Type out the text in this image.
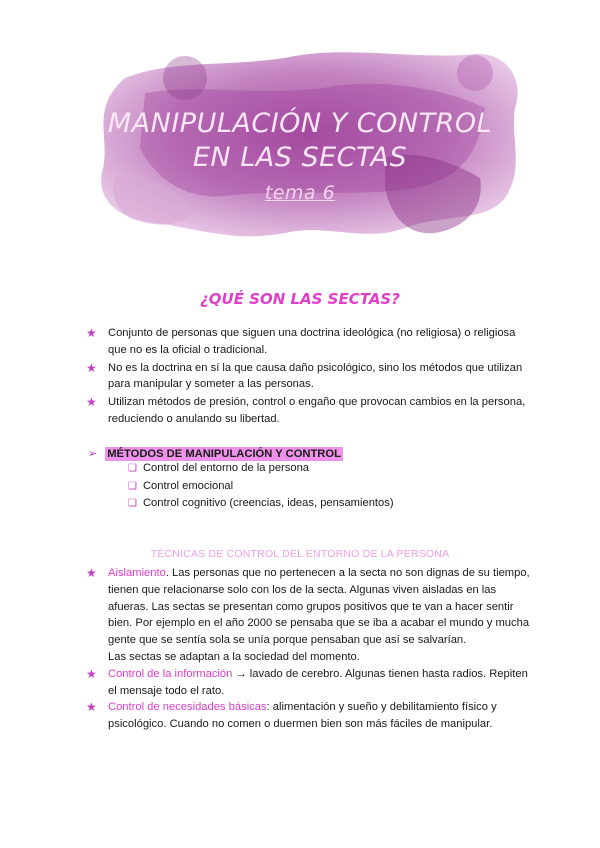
MANIPULACIÓN Y CONTROL
EN LAS SECTAS
tema 6
¿QUÉ SON LAS SECTAS?
★ Conjunto de personas que siguen una doctrina ideológica (no religiosa) o religiosa que no es la oficial o tradicional.
★ No es la doctrina en sí la que causa daño psicológico, sino los métodos que utilizan para manipular y someter a las personas.
★ Utilizan métodos de presión, control o engaño que provocan cambios en la persona, reduciendo o anulando su libertad.
➢ MÉTODOS DE MANIPULACIÓN Y CONTROL
❑ Control del entorno de la persona
❑ Control emocional
❑ Control cognitivo (creencias, ideas, pensamientos)
TÉCNICAS DE CONTROL DEL ENTORNO DE LA PERSONA
★ Aislamiento. Las personas que no pertenecen a la secta no son dignas de su tiempo, tienen que relacionarse solo con los de la secta. Algunas viven aisladas en las afueras. Las sectas se presentan como grupos positivos que te van a hacer sentir bien. Por ejemplo en el año 2000 se pensaba que se iba a acabar el mundo y mucha gente que se sentía sola se unía porque pensaban que así se salvarían.
Las sectas se adaptan a la sociedad del momento.
★ Control de la información → lavado de cerebro. Algunas tienen hasta radios. Repiten el mensaje todo el rato.
★ Control de necesidades básicas: alimentación y sueño y debilitamiento físico y psicológico. Cuando no comen o duermen bien son más fáciles de manipular.
